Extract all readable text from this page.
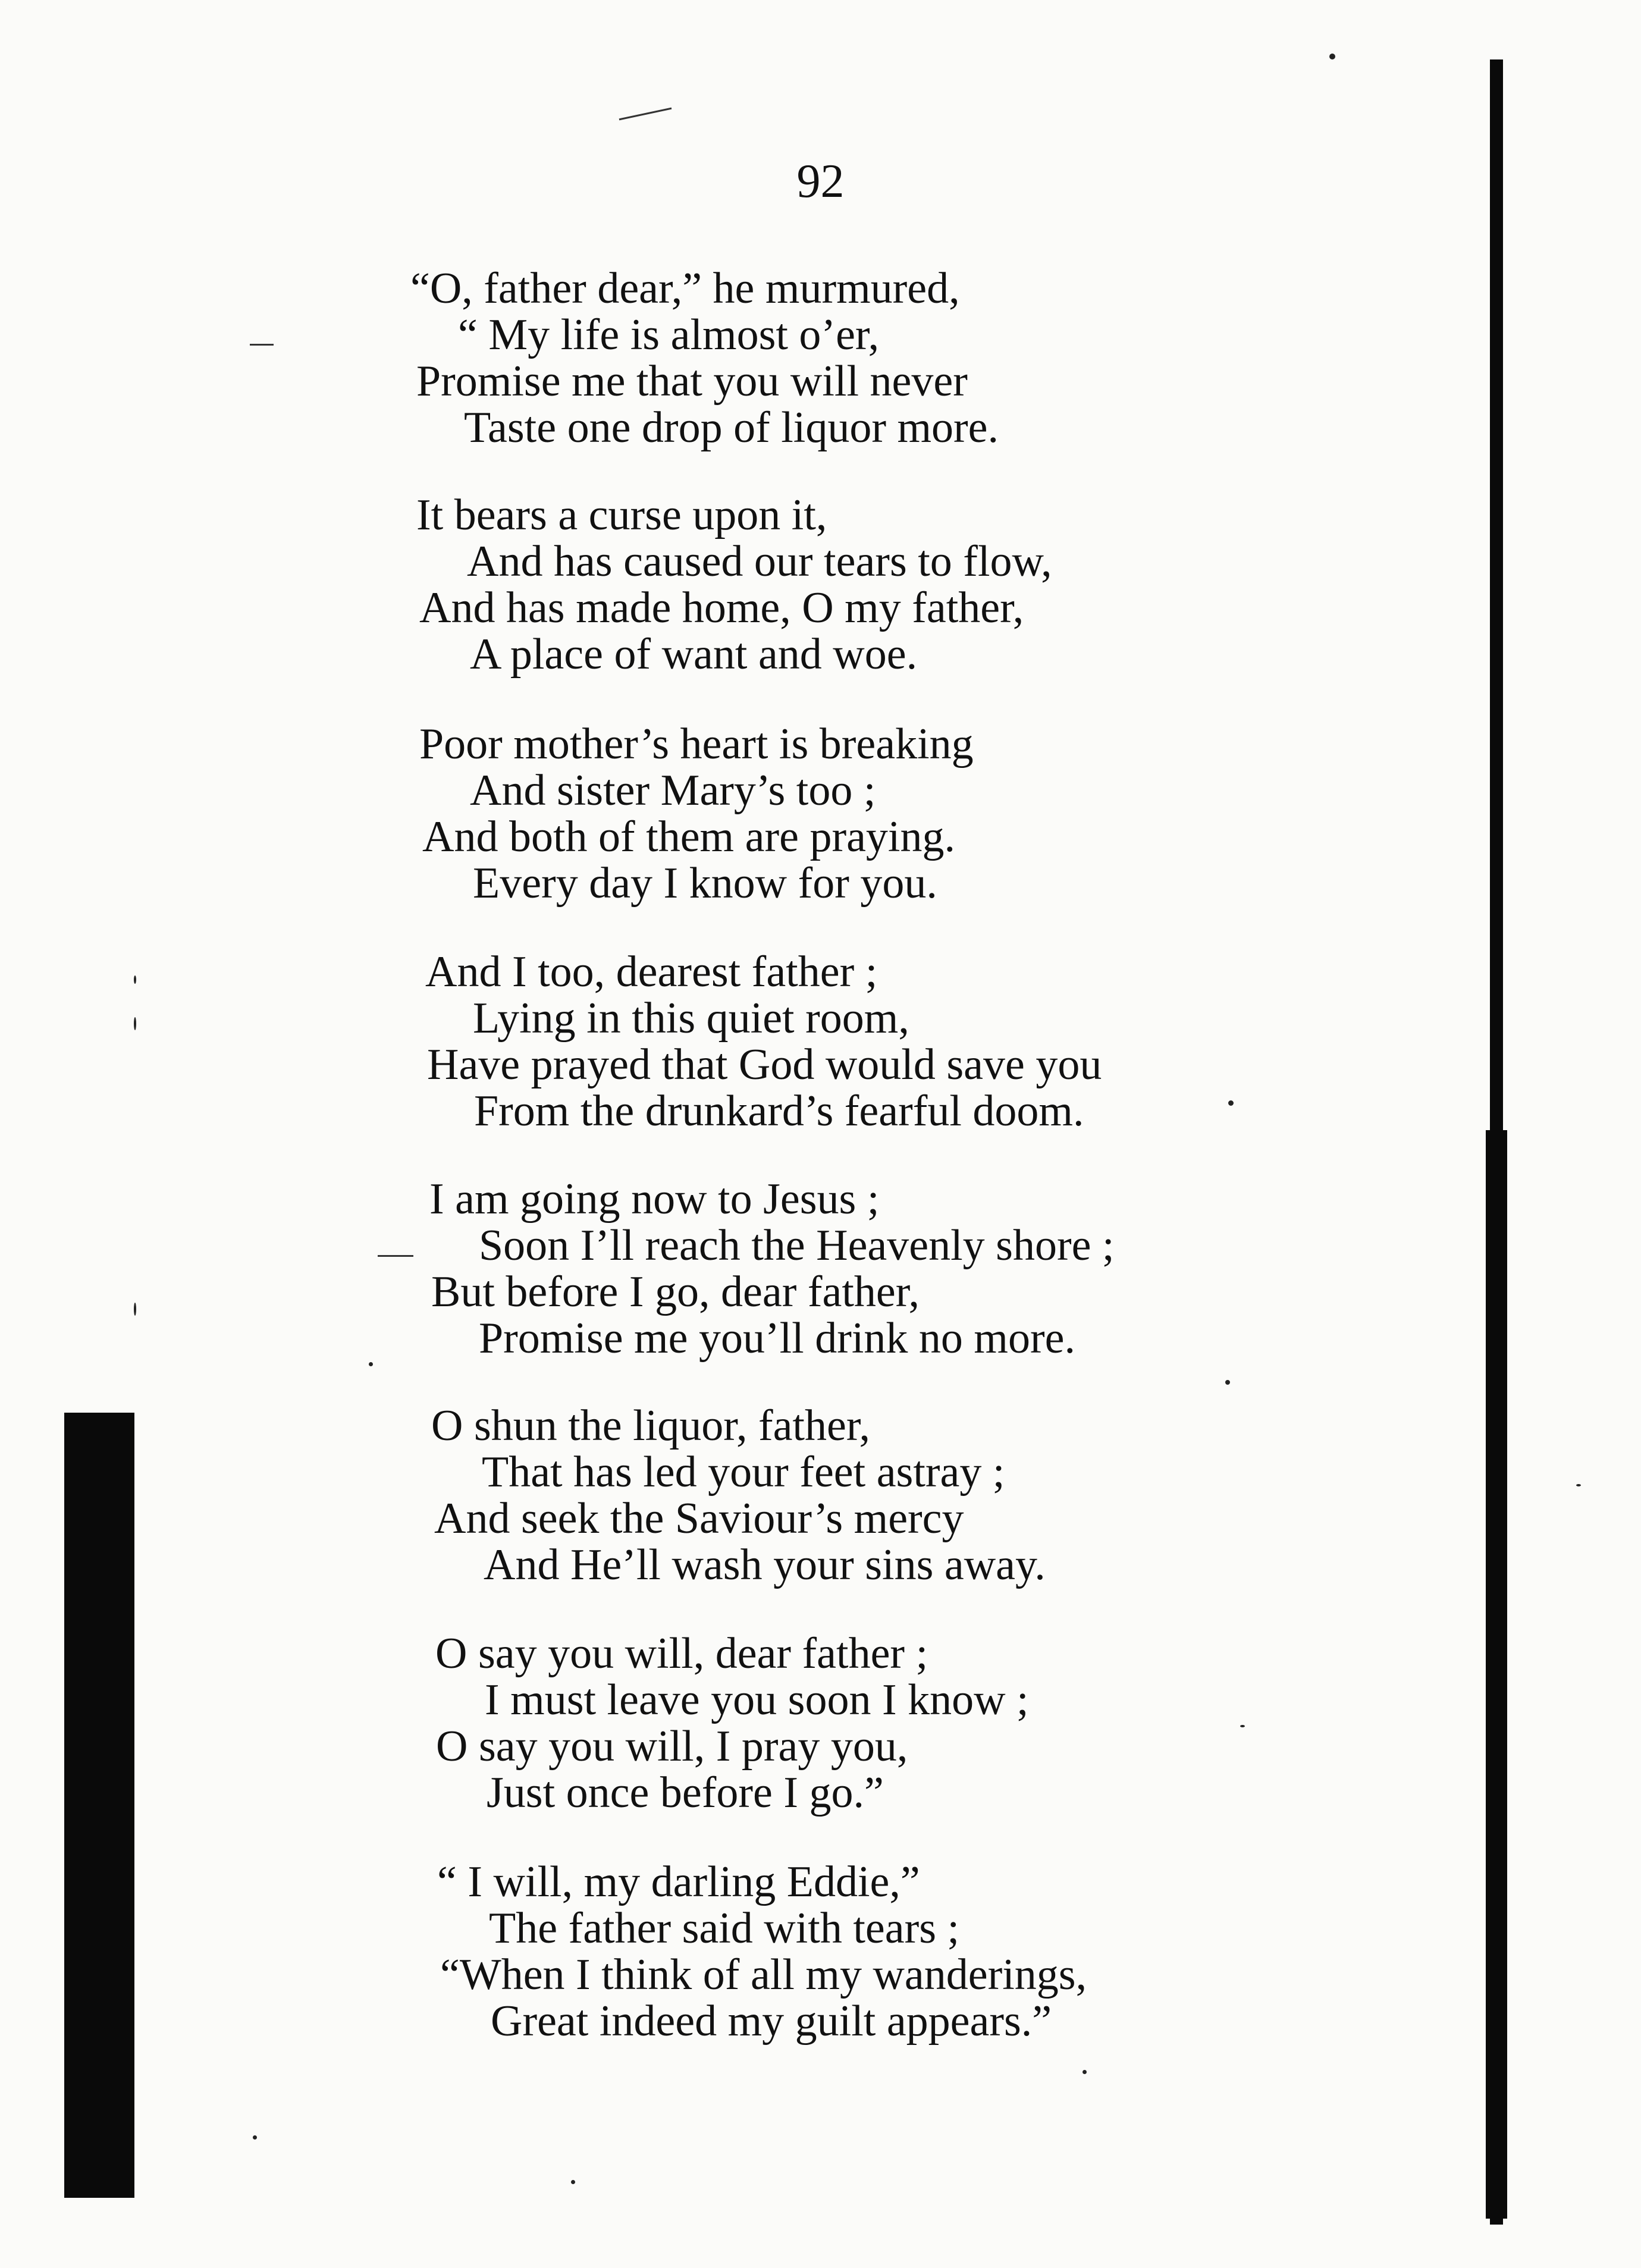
92
“O, father dear,” he murmured,
“ My life is almost o’er,
Promise me that you will never
Taste one drop of liquor more.
It bears a curse upon it,
And has caused our tears to flow,
And has made home, O my father,
A place of want and woe.
Poor mother’s heart is breaking
And sister Mary’s too ;
And both of them are praying.
Every day I know for you.
And I too, dearest father ;
Lying in this quiet room,
Have prayed that God would save you
From the drunkard’s fearful doom.
I am going now to Jesus ;
Soon I’ll reach the Heavenly shore ;
But before I go, dear father,
Promise me you’ll drink no more.
O shun the liquor, father,
That has led your feet astray ;
And seek the Saviour’s mercy
And He’ll wash your sins away.
O say you will, dear father ;
I must leave you soon I know ;
O say you will, I pray you,
Just once before I go.”
“ I will, my darling Eddie,”
The father said with tears ;
“When I think of all my wanderings,
Great indeed my guilt appears.”
